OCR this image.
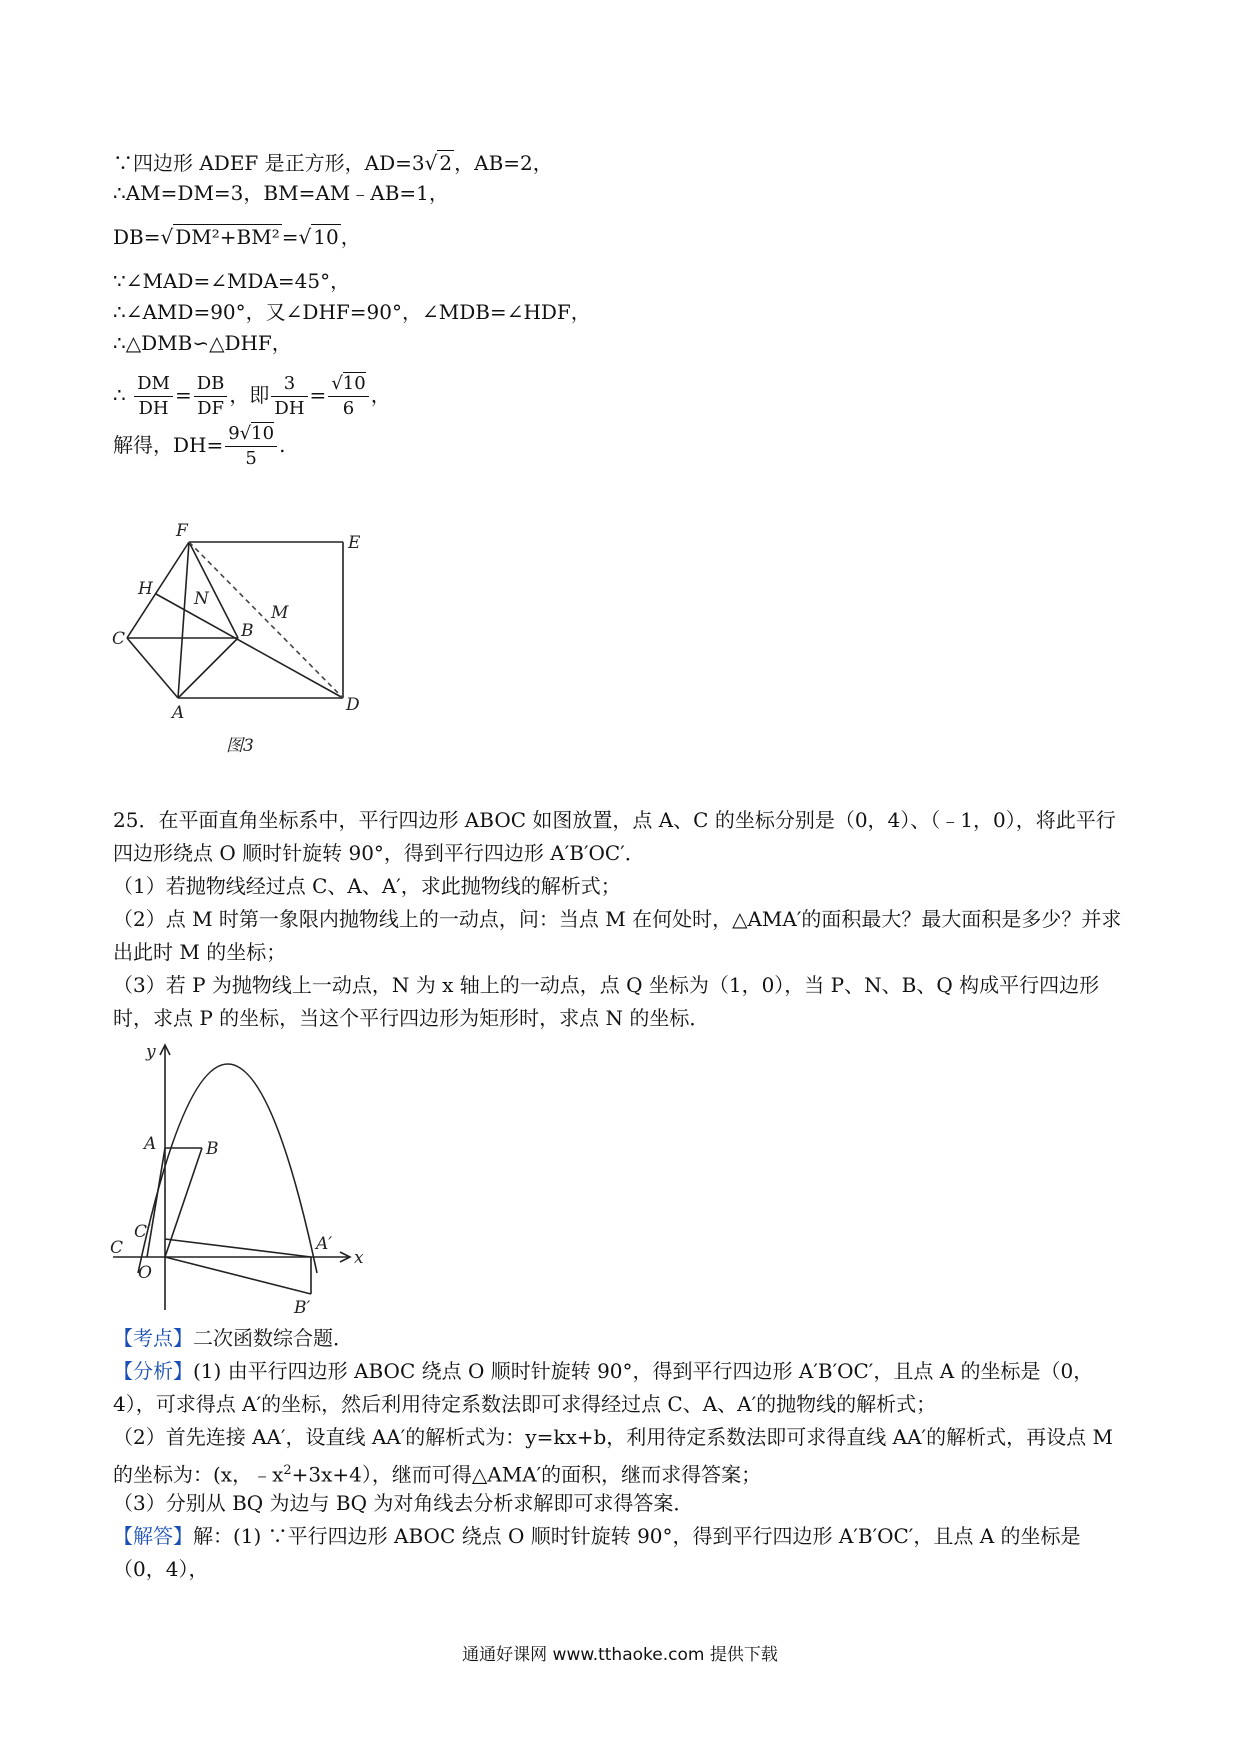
∵四边形 ADEF 是正方形，AD=3√ 2 ，AB=2，
∴AM=DM=3，BM=AM﹣AB=1，
DB=√ DM²+BM² =√ 10 ，
∵∠MAD=∠MDA=45°，
∴∠AMD=90°，又∠DHF=90°，∠MDB=∠HDF，
∴△DMB∽△DHF，
∴ $\frac{DM}{DH} = \frac{DB}{DF}$ ，即 $\frac{3}{DH} = \frac{√10}{6}$ ，
解得，$DH= \frac{9√10}{5}$ .
F
E
H N
M
C	B
A	D
图3
25．在平面直角坐标系中，平行四边形 ABOC 如图放置，点 A、C 的坐标分别是（0，4）、（﹣1，0），将此平行四边形绕点 O 顺时针旋转 90°，得到平行四边形 A′B′OC′．
（1）若抛物线经过点 C、A、A′，求此抛物线的解析式；
（2）点 M 时第一象限内抛物线上的一动点，问：当点 M 在何处时，△AMA′的面积最大？最大面积是多少？并求出此时 M 的坐标；
（3）若 P 为抛物线上一动点，N 为 x 轴上的一动点，点 Q 坐标为（1，0），当 P、N、B、Q 构成平行四边形时，求点 P 的坐标，当这个平行四边形为矩形时，求点 N 的坐标．
y
x
A	B
C
C′
O
A′
B′
【考点】二次函数综合题．
【分析】(1) 由平行四边形 ABOC 绕点 O 顺时针旋转 90°，得到平行四边形 A′B′OC′，且点 A 的坐标是（0，4），可求得点 A′的坐标，然后利用待定系数法即可求得经过点 C、A、A′的抛物线的解析式；
（2）首先连接 AA′，设直线 AA′的解析式为：y=kx+b，利用待定系数法即可求得直线 AA′的解析式，再设点 M 的坐标为：(x，$﹣x^2+3x+4$），继而可得△AMA′的面积，继而求得答案；
（3）分别从 BQ 为边与 BQ 为对角线去分析求解即可求得答案．
【解答】解：(1) ∵平行四边形 ABOC 绕点 O 顺时针旋转 90°，得到平行四边形 A′B′OC′，且点 A 的坐标是（0，4），
通通好课网 www.tthaoke.com 提供下载
